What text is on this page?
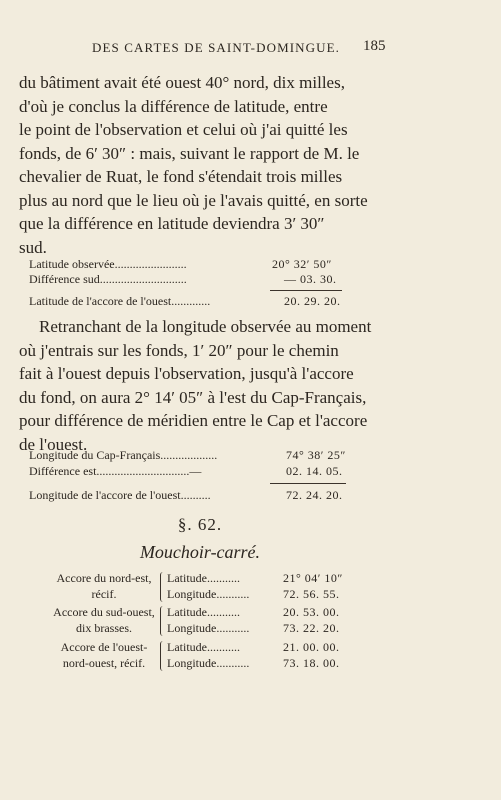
DES CARTES DE SAINT-DOMINGUE. 185
du bâtiment avait été ouest 40° nord, dix milles,
d'où je conclus la différence de latitude, entre
le point de l'observation et celui où j'ai quitté les
fonds, de 6′ 30″ : mais, suivant le rapport de M. le
chevalier de Ruat, le fond s'étendait trois milles
plus au nord que le lieu où je l'avais quitté, en sorte
que la différence en latitude deviendra 3′ 30″
sud.
Latitude observée........................	20° 32′ 50″
Différence sud.............................	— 03. 30.
Latitude de l'accore de l'ouest.............	20. 29. 20.
Retranchant de la longitude observée au moment
où j'entrais sur les fonds, 1′ 20″ pour le chemin
fait à l'ouest depuis l'observation, jusqu'à l'accore
du fond, on aura 2° 14′ 05″ à l'est du Cap-Français,
pour différence de méridien entre le Cap et l'accore
de l'ouest.
Longitude du Cap-Français...................	74° 38′ 25″
Différence est...............................—	02. 14. 05.
Longitude de l'accore de l'ouest..........	72. 24. 20.
§. 62.
Mouchoir-carré.
Accore du nord-est,
récif.
Latitude...........	21° 04′ 10″
Longitude...........	72. 56. 55.
Accore du sud-ouest,
dix brasses.
Latitude...........	20. 53. 00.
Longitude...........	73. 22. 20.
Accore de l'ouest-
nord-ouest, récif.
Latitude...........	21. 00. 00.
Longitude...........	73. 18. 00.
